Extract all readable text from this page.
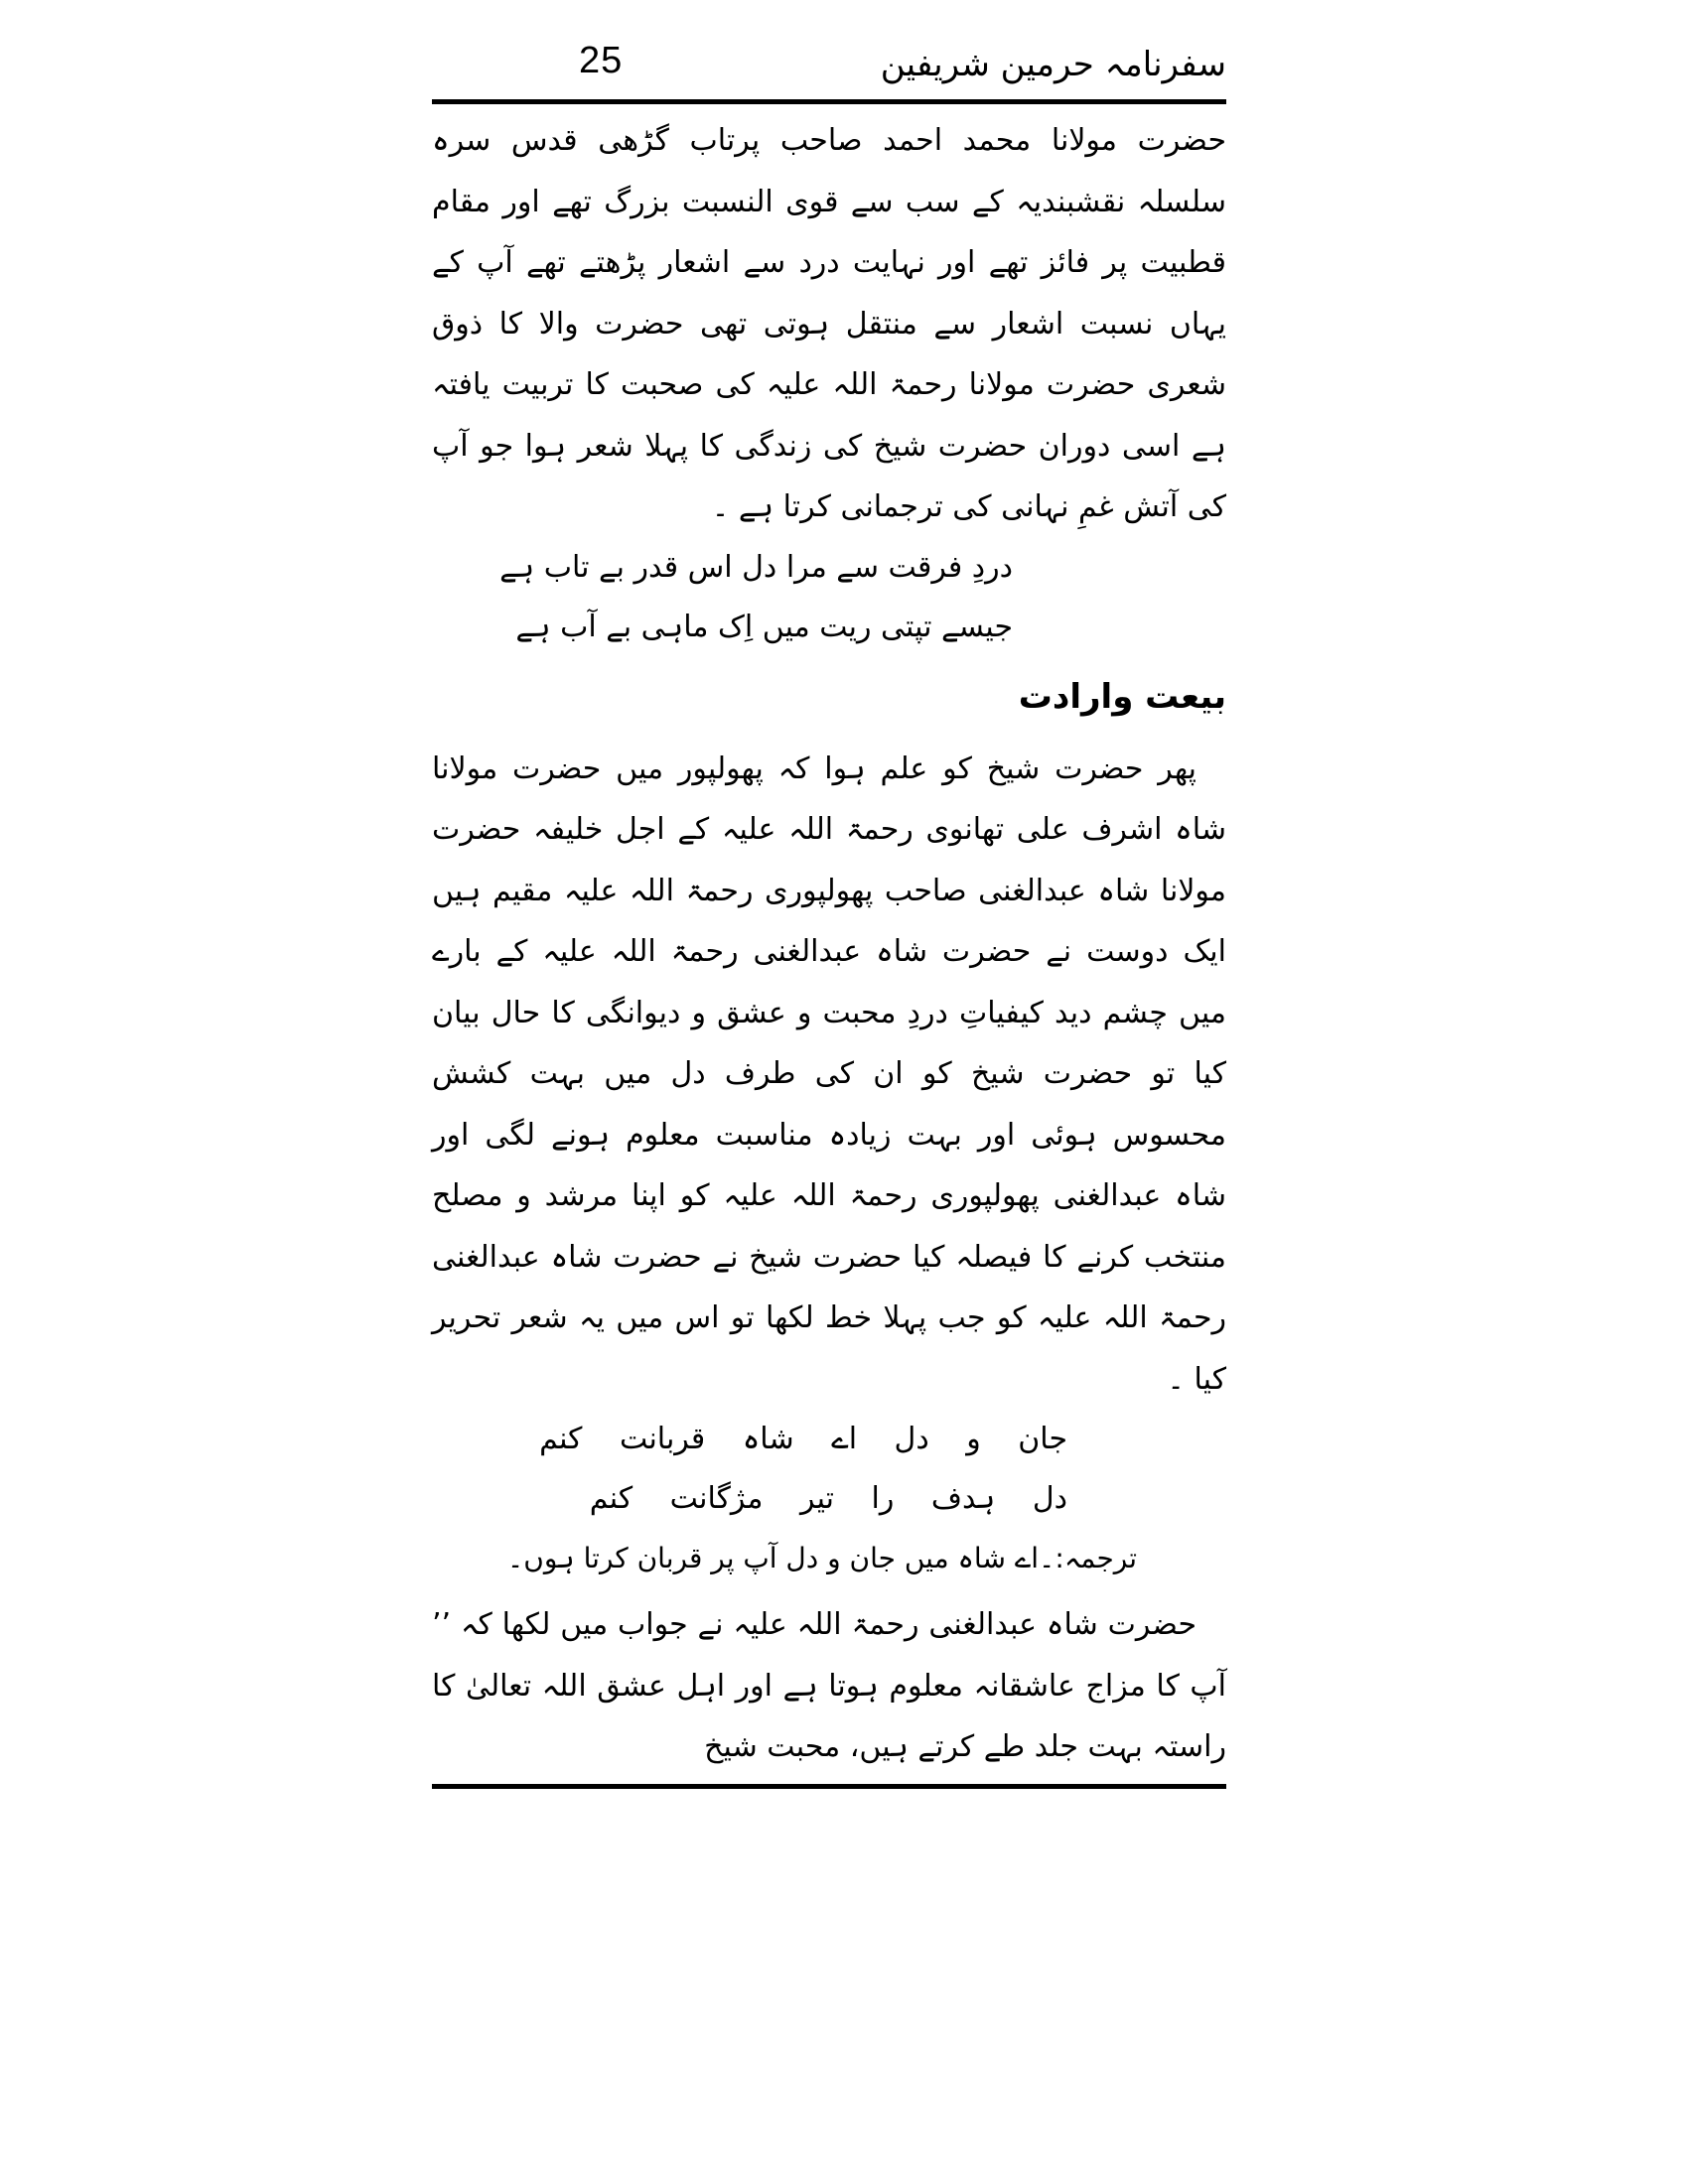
25	سفرنامہ حرمین شریفین

حضرت مولانا محمد احمد صاحب پرتاب گڑھی قدس سرہ سلسلہ نقشبندیہ کے سب سے قوی النسبت بزرگ تھے اور مقام قطبیت پر فائز تھے اور نہایت درد سے اشعار پڑھتے تھے آپ کے یہاں نسبت اشعار سے منتقل ہوتی تھی حضرت والا کا ذوق شعری حضرت مولانا رحمۃ اللہ علیہ کی صحبت کا تربیت یافتہ ہے اسی دوران حضرت شیخ کی زندگی کا پہلا شعر ہوا جو آپ کی آتش غمِ نہانی کی ترجمانی کرتا ہے ۔

دردِ فرقت سے مرا دل اس قدر بے تاب ہے
جیسے تپتی ریت میں اِک ماہی بے آب ہے
بیعت وارادت

پھر حضرت شیخ کو علم ہوا کہ پھولپور میں حضرت مولانا شاہ اشرف علی تھانوی رحمۃ اللہ علیہ کے اجل خلیفہ حضرت مولانا شاہ عبدالغنی صاحب پھولپوری رحمۃ اللہ علیہ مقیم ہیں ایک دوست نے حضرت شاہ عبدالغنی رحمۃ اللہ علیہ کے بارے میں چشم دید کیفیاتِ دردِ محبت و عشق و دیوانگی کا حال بیان کیا تو حضرت شیخ کو ان کی طرف دل میں بہت کشش محسوس ہوئی اور بہت زیادہ مناسبت معلوم ہونے لگی اور شاہ عبدالغنی پھولپوری رحمۃ اللہ علیہ کو اپنا مرشد و مصلح منتخب کرنے کا فیصلہ کیا حضرت شیخ نے حضرت شاہ عبدالغنی رحمۃ اللہ علیہ کو جب پہلا خط لکھا تو اس میں یہ شعر تحریر کیا ۔

جان و دل اے شاہ قربانت کنم
دل ہدف را تیر مژگانت کنم
ترجمہ:۔اے شاہ میں جان و دل آپ پر قربان کرتا ہوں۔

حضرت شاہ عبدالغنی رحمۃ اللہ علیہ نے جواب میں لکھا کہ ’’ آپ کا مزاج عاشقانہ معلوم ہوتا ہے اور اہل عشق اللہ تعالیٰ کا راستہ بہت جلد طے کرتے ہیں، محبت شیخ
